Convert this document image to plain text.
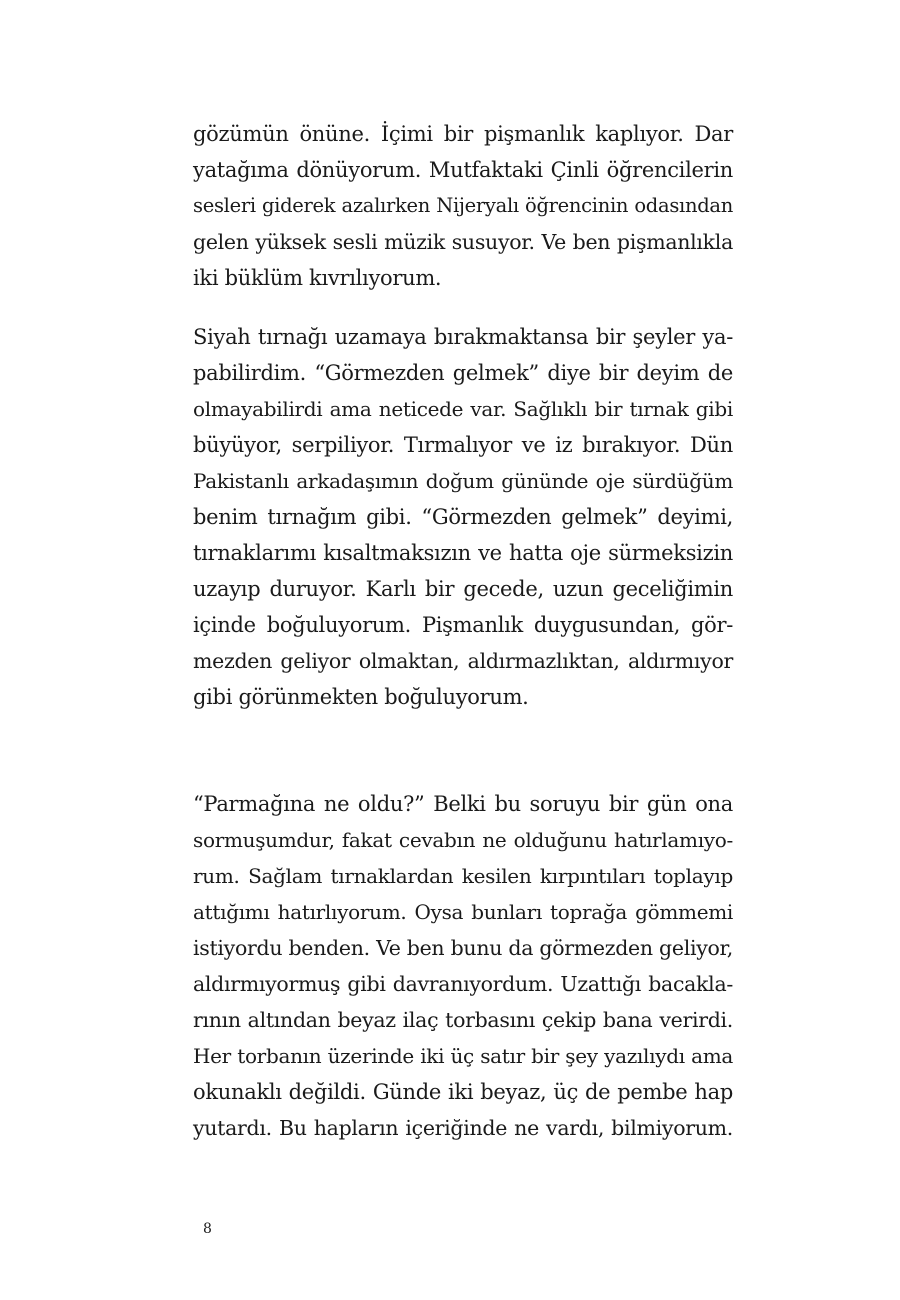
gözümün önüne. İçimi bir pişmanlık kaplıyor. Dar
yatağıma dönüyorum. Mutfaktaki Çinli öğrencilerin
sesleri giderek azalırken Nijeryalı öğrencinin odasından
gelen yüksek sesli müzik susuyor. Ve ben pişmanlıkla
iki büklüm kıvrılıyorum.
Siyah tırnağı uzamaya bırakmaktansa bir şeyler ya-
pabilirdim. “Görmezden gelmek” diye bir deyim de
olmayabilirdi ama neticede var. Sağlıklı bir tırnak gibi
büyüyor, serpiliyor. Tırmalıyor ve iz bırakıyor. Dün
Pakistanlı arkadaşımın doğum gününde oje sürdüğüm
benim tırnağım gibi. “Görmezden gelmek” deyimi,
tırnaklarımı kısaltmaksızın ve hatta oje sürmeksizin
uzayıp duruyor. Karlı bir gecede, uzun geceliğimin
içinde boğuluyorum. Pişmanlık duygusundan, gör-
mezden geliyor olmaktan, aldırmazlıktan, aldırmıyor
gibi görünmekten boğuluyorum.
“Parmağına ne oldu?” Belki bu soruyu bir gün ona
sormuşumdur, fakat cevabın ne olduğunu hatırlamıyo-
rum. Sağlam tırnaklardan kesilen kırpıntıları toplayıp
attığımı hatırlıyorum. Oysa bunları toprağa gömmemi
istiyordu benden. Ve ben bunu da görmezden geliyor,
aldırmıyormuş gibi davranıyordum. Uzattığı bacakla-
rının altından beyaz ilaç torbasını çekip bana verirdi.
Her torbanın üzerinde iki üç satır bir şey yazılıydı ama
okunaklı değildi. Günde iki beyaz, üç de pembe hap
yutardı. Bu hapların içeriğinde ne vardı, bilmiyorum.
8
